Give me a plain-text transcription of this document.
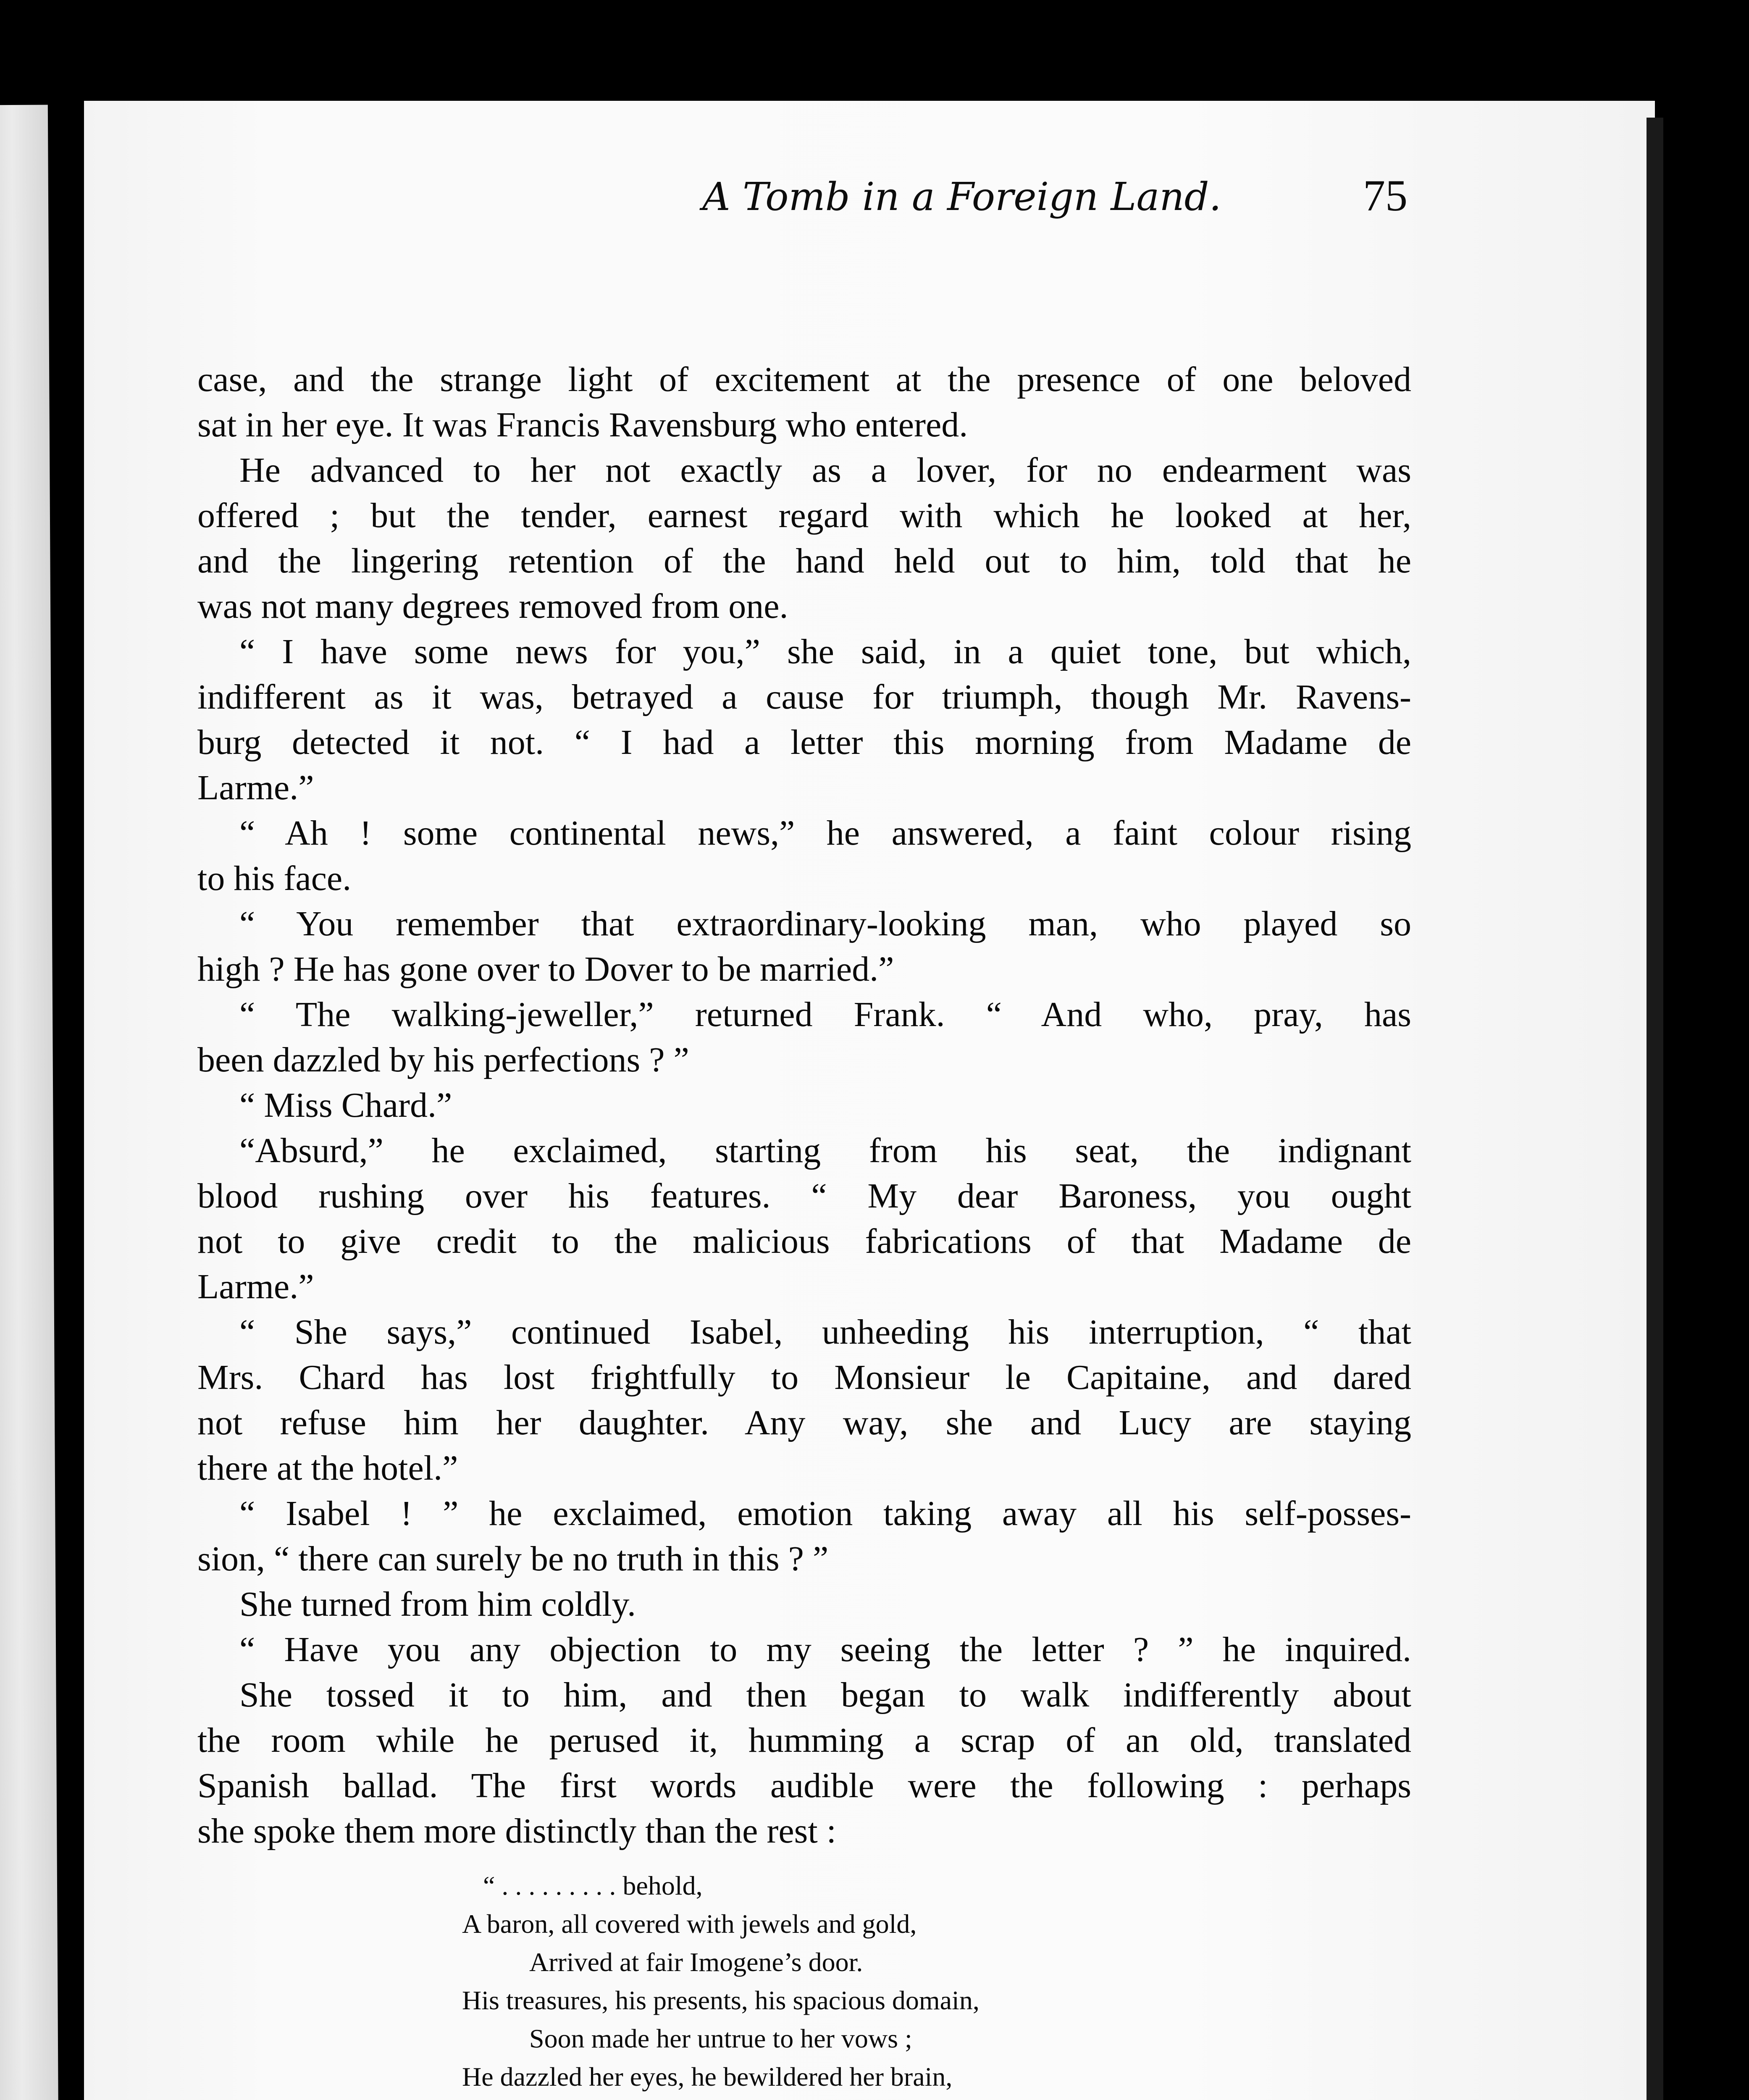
A Tomb in a Foreign Land.	75
case, and the strange light of excitement at the presence of one beloved
sat in her eye. It was Francis Ravensburg who entered.
He advanced to her not exactly as a lover, for no endearment was
offered ; but the tender, earnest regard with which he looked at her,
and the lingering retention of the hand held out to him, told that he
was not many degrees removed from one.
“ I have some news for you,” she said, in a quiet tone, but which,
indifferent as it was, betrayed a cause for triumph, though Mr. Ravens-
burg detected it not. “ I had a letter this morning from Madame de
Larme.”
“ Ah ! some continental news,” he answered, a faint colour rising
to his face.
“ You remember that extraordinary-looking man, who played so
high ? He has gone over to Dover to be married.”
“ The walking-jeweller,” returned Frank. “ And who, pray, has
been dazzled by his perfections ? ”
“ Miss Chard.”
“Absurd,” he exclaimed, starting from his seat, the indignant
blood rushing over his features. “ My dear Baroness, you ought
not to give credit to the malicious fabrications of that Madame de
Larme.”
“ She says,” continued Isabel, unheeding his interruption, “ that
Mrs. Chard has lost frightfully to Monsieur le Capitaine, and dared
not refuse him her daughter. Any way, she and Lucy are staying
there at the hotel.”
“ Isabel ! ” he exclaimed, emotion taking away all his self-posses-
sion, “ there can surely be no truth in this ? ”
She turned from him coldly.
“ Have you any objection to my seeing the letter ? ” he inquired.
She tossed it to him, and then began to walk indifferently about
the room while he perused it, humming a scrap of an old, translated
Spanish ballad. The first words audible were the following : perhaps
she spoke them more distinctly than the rest :
“ . . . . . . . . . behold,
A baron, all covered with jewels and gold,
Arrived at fair Imogene’s door.
His treasures, his presents, his spacious domain,
Soon made her untrue to her vows ;
He dazzled her eyes, he bewildered her brain,
